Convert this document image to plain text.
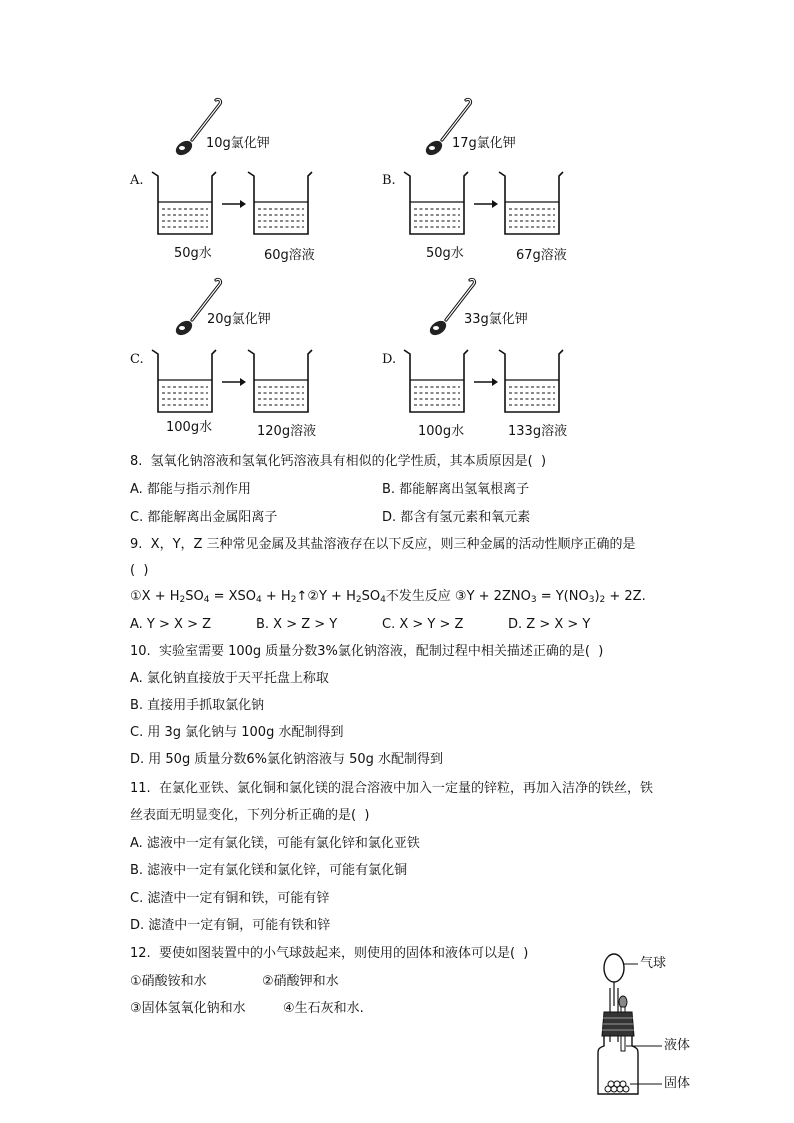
10g氯化钾
A.
50g水	60g溶液
17g氯化钾
B.
50g水	67g溶液
20g氯化钾
C.
100g水	120g溶液
33g氯化钾
D.
100g水	133g溶液
8.  氢氧化钠溶液和氢氧化钙溶液具有相似的化学性质，其本质原因是(  )
A. 都能与指示剂作用	B. 都能解离出氢氧根离子
C. 都能解离出金属阳离子	D. 都含有氢元素和氧元素
9.  X，Y，Z 三种常见金属及其盐溶液存在以下反应，则三种金属的活动性顺序正确的是
(  )
①X + $H_2SO_4 = XSO_4$ + $H_2↑②Y + H_2SO_4$不发生反应 ③Y + $2ZNO_3 = Y(NO_3)_2 + 2Z$.
A. Y > X > Z	B. X > Z > Y	C. X > Y > Z	D. Z > X > Y
10.  实验室需要 100g 质量分数3%氯化钠溶液，配制过程中相关描述正确的是(  )
A. 氯化钠直接放于天平托盘上称取
B. 直接用手抓取氯化钠
C. 用 3g 氯化钠与 100g 水配制得到
D. 用 50g 质量分数6%氯化钠溶液与 50g 水配制得到
11.  在氯化亚铁、氯化铜和氯化镁的混合溶液中加入一定量的锌粒，再加入洁净的铁丝，铁
丝表面无明显变化，下列分析正确的是(  )
A. 滤液中一定有氯化镁，可能有氯化锌和氯化亚铁
B. 滤液中一定有氯化镁和氯化锌，可能有氯化铜
C. 滤渣中一定有铜和铁，可能有锌
D. 滤渣中一定有铜，可能有铁和锌
12.  要使如图装置中的小气球鼓起来，则使用的固体和液体可以是(  )
①硝酸铵和水	②硝酸钾和水
③固体氢氧化钠和水	④生石灰和水.
气球
液体
固体
